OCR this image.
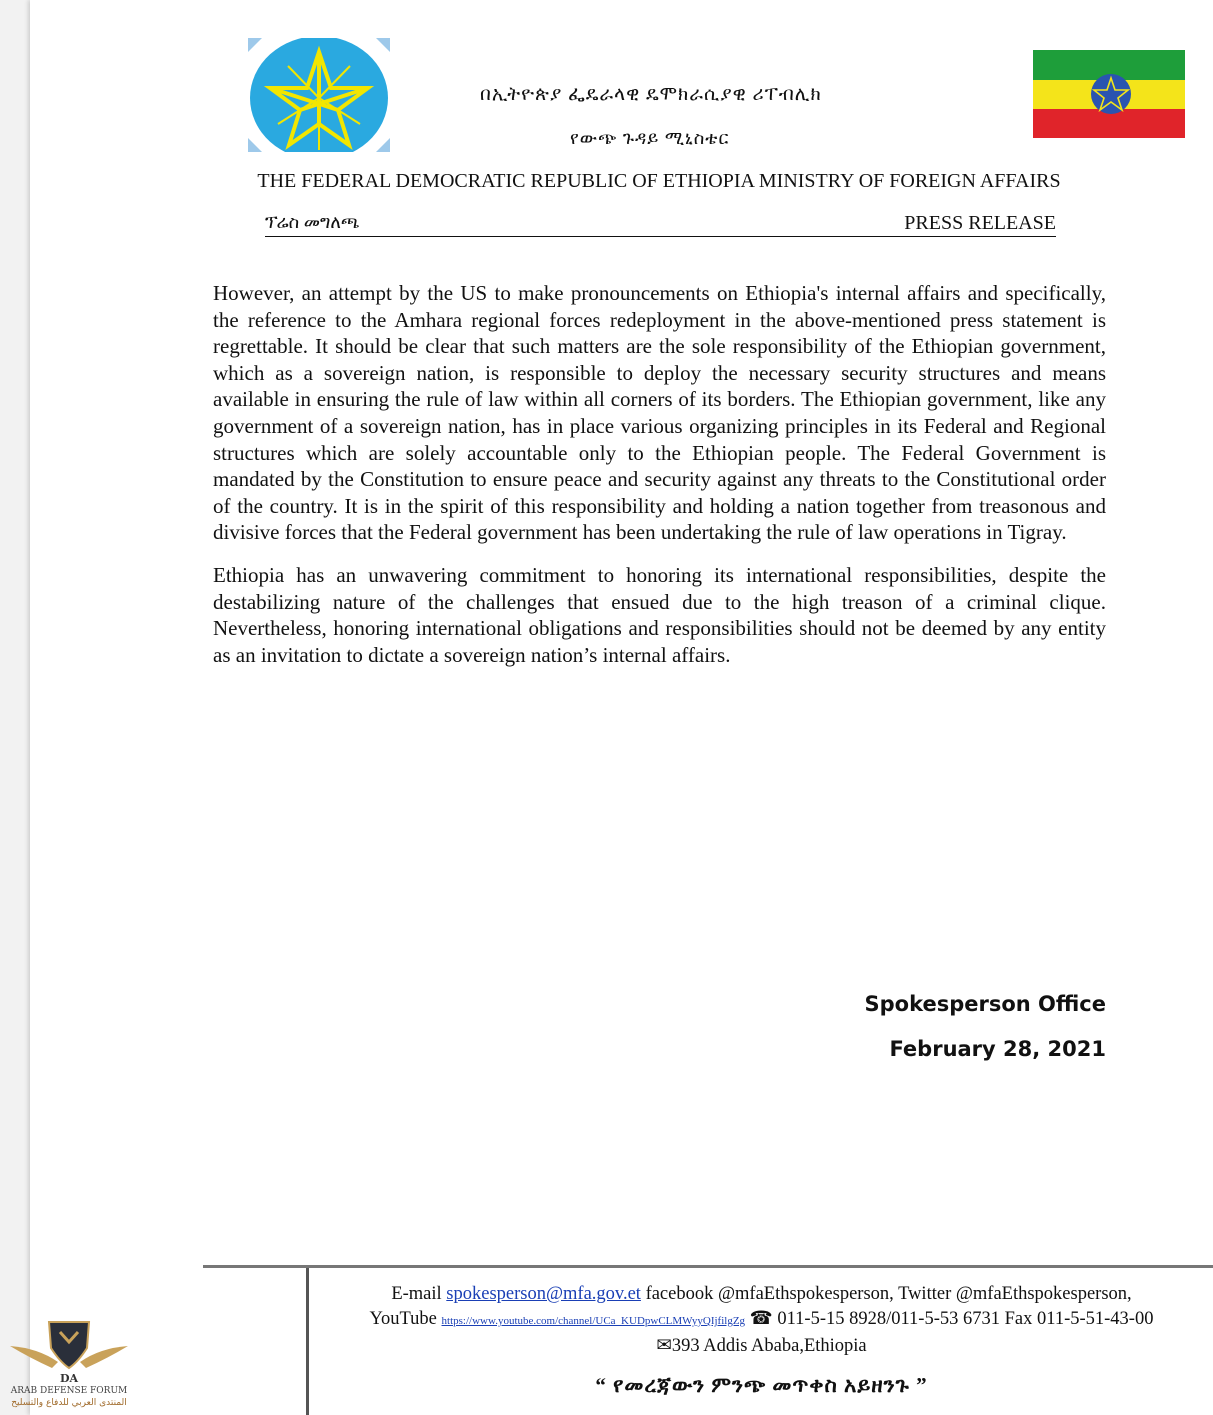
በኢትዮጵያ ፌዴራላዊ ዴሞክራሲያዊ ሪፐብሊክ
የውጭ ጉዳይ ሚኒስቴር
THE FEDERAL DEMOCRATIC REPUBLIC OF ETHIOPIA MINISTRY OF FOREIGN AFFAIRS
ፕሬስ መግለጫ	PRESS RELEASE

However, an attempt by the US to make pronouncements on Ethiopia's internal affairs and specifically, the reference to the Amhara regional forces redeployment in the above-mentioned press statement is regrettable. It should be clear that such matters are the sole responsibility of the Ethiopian government, which as a sovereign nation, is responsible to deploy the necessary security structures and means available in ensuring the rule of law within all corners of its borders. The Ethiopian government, like any government of a sovereign nation, has in place various organizing principles in its Federal and Regional structures which are solely accountable only to the Ethiopian people. The Federal Government is mandated by the Constitution to ensure peace and security against any threats to the Constitutional order of the country. It is in the spirit of this responsibility and holding a nation together from treasonous and divisive forces that the Federal government has been undertaking the rule of law operations in Tigray.

Ethiopia has an unwavering commitment to honoring its international responsibilities, despite the destabilizing nature of the challenges that ensued due to the high treason of a criminal clique. Nevertheless, honoring international obligations and responsibilities should not be deemed by any entity as an invitation to dictate a sovereign nation’s internal affairs.

Spokesperson Office
February 28, 2021
E-mail spokesperson@mfa.gov.et facebook @mfaEthspokesperson, Twitter @mfaEthspokesperson,
YouTube https://www.youtube.com/channel/UCa_KUDpwCLMWyyQIjfilgZg ☎ 011-5-15 8928/011-5-53 6731 Fax 011-5-51-43-00
✉393 Addis Ababa,Ethiopia
“ የመረጃውን ምንጭ መጥቀስ አይዘንጉ ”
DA
ARAB DEFENSE FORUM
المنتدى العربي للدفاع والتسليح
